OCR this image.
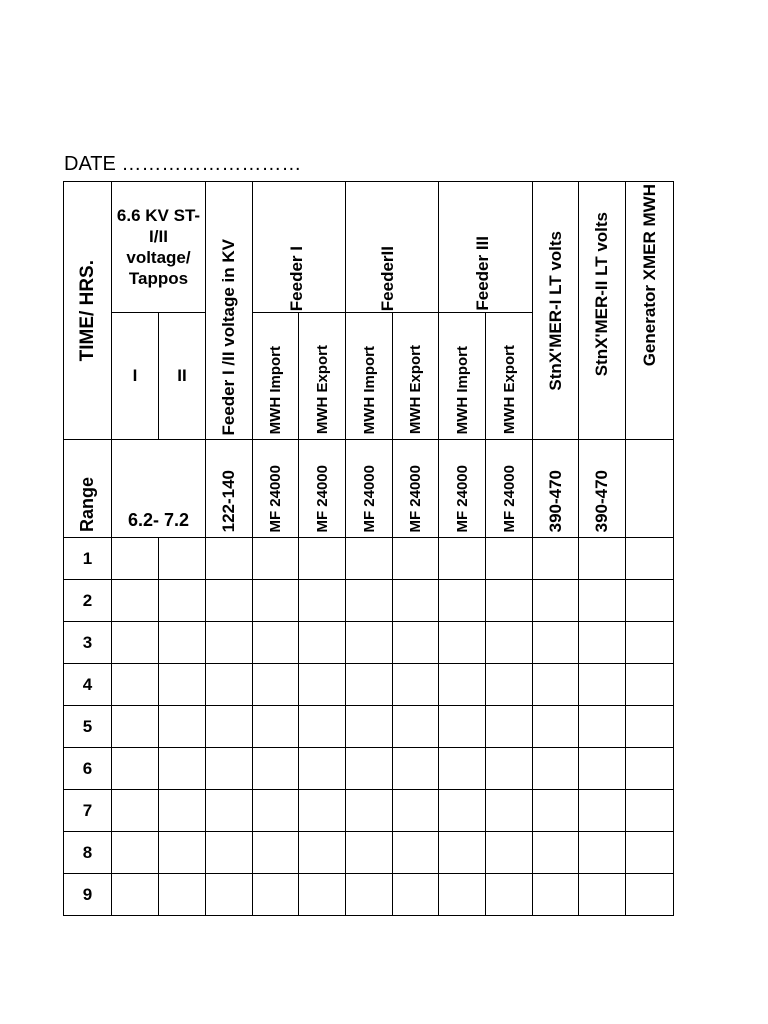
DATE ………………………
TIME/ HRS.	6.6 KV ST-I/II voltage/ Tappos		Feeder I /II voltage in KV	Feeder I		FeederII		Feeder III		StnX'MER-I LT volts	StnX'MER-II LT volts	Generator XMER MWH

	I	II		MWH Import	MWH Export	MWH Import	MWH Export	MWH Import	MWH Export			

Range	6.2- 7.2		122-140	MF 24000	MF 24000	MF 24000	MF 24000	MF 24000	MF 24000	390-470	390-470	

1												
2												
3												
4												
5												
6												
7												
8												
9												
